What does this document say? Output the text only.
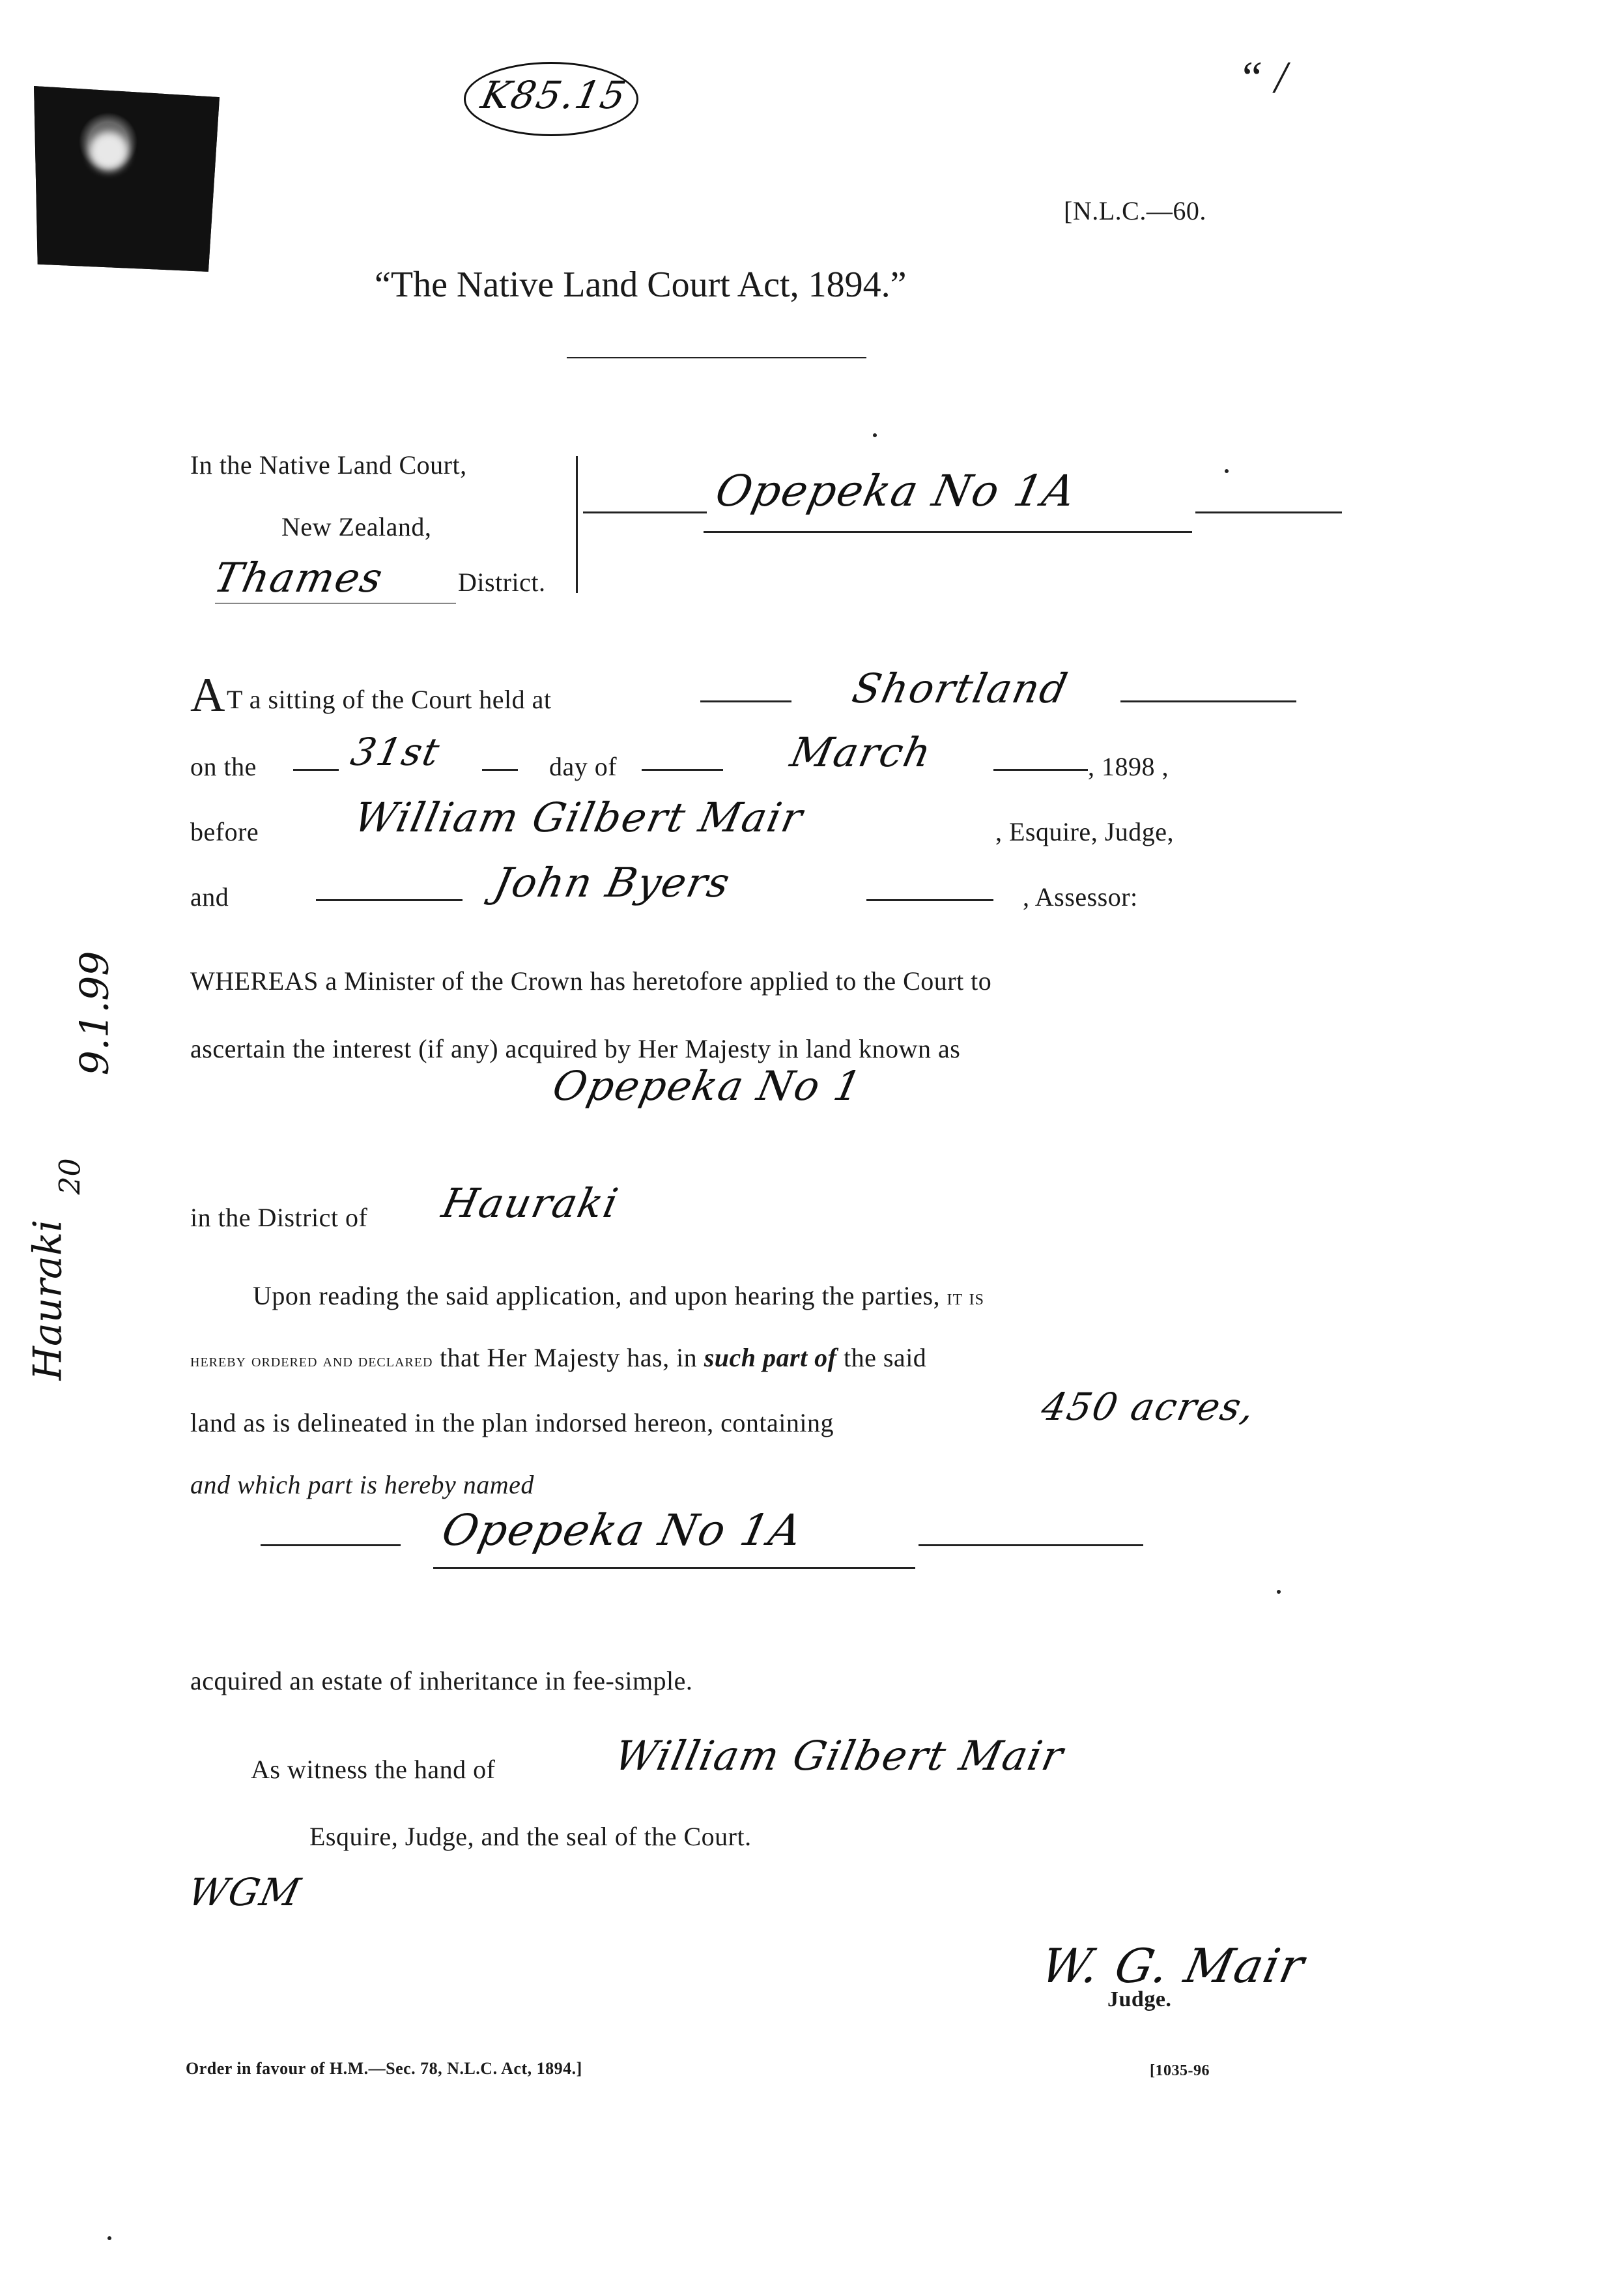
K85.15	“ /
[N.L.C.—60.
“The Native Land Court Act, 1894.”
In the Native Land Court,
New Zealand,
Thames	District.
Opepeka No 1A
A T a sitting of the Court held at	Shortland
on the 31st	day of	March	, 1898 ,
before William Gilbert Mair	, Esquire, Judge,
and	John Byers	, Assessor:
WHEREAS a Minister of the Crown has heretofore applied to the Court to
ascertain the interest (if any) acquired by Her Majesty in land known as
Opepeka No 1
in the District of Hauraki
Upon reading the said application, and upon hearing the parties, it is
hereby ordered and declared that Her Majesty has, in such part of the said
land as is delineated in the plan indorsed hereon, containing	450 acres,
and which part is hereby named
Opepeka No 1A
acquired an estate of inheritance in fee-simple.
As witness the hand of	William Gilbert Mair
Esquire, Judge, and the seal of the Court.
WGM
W. G. Mair
Judge.
Hauraki
20
9.1.99
Order in favour of H.M.—Sec. 78, N.L.C. Act, 1894.]	[1035-96
